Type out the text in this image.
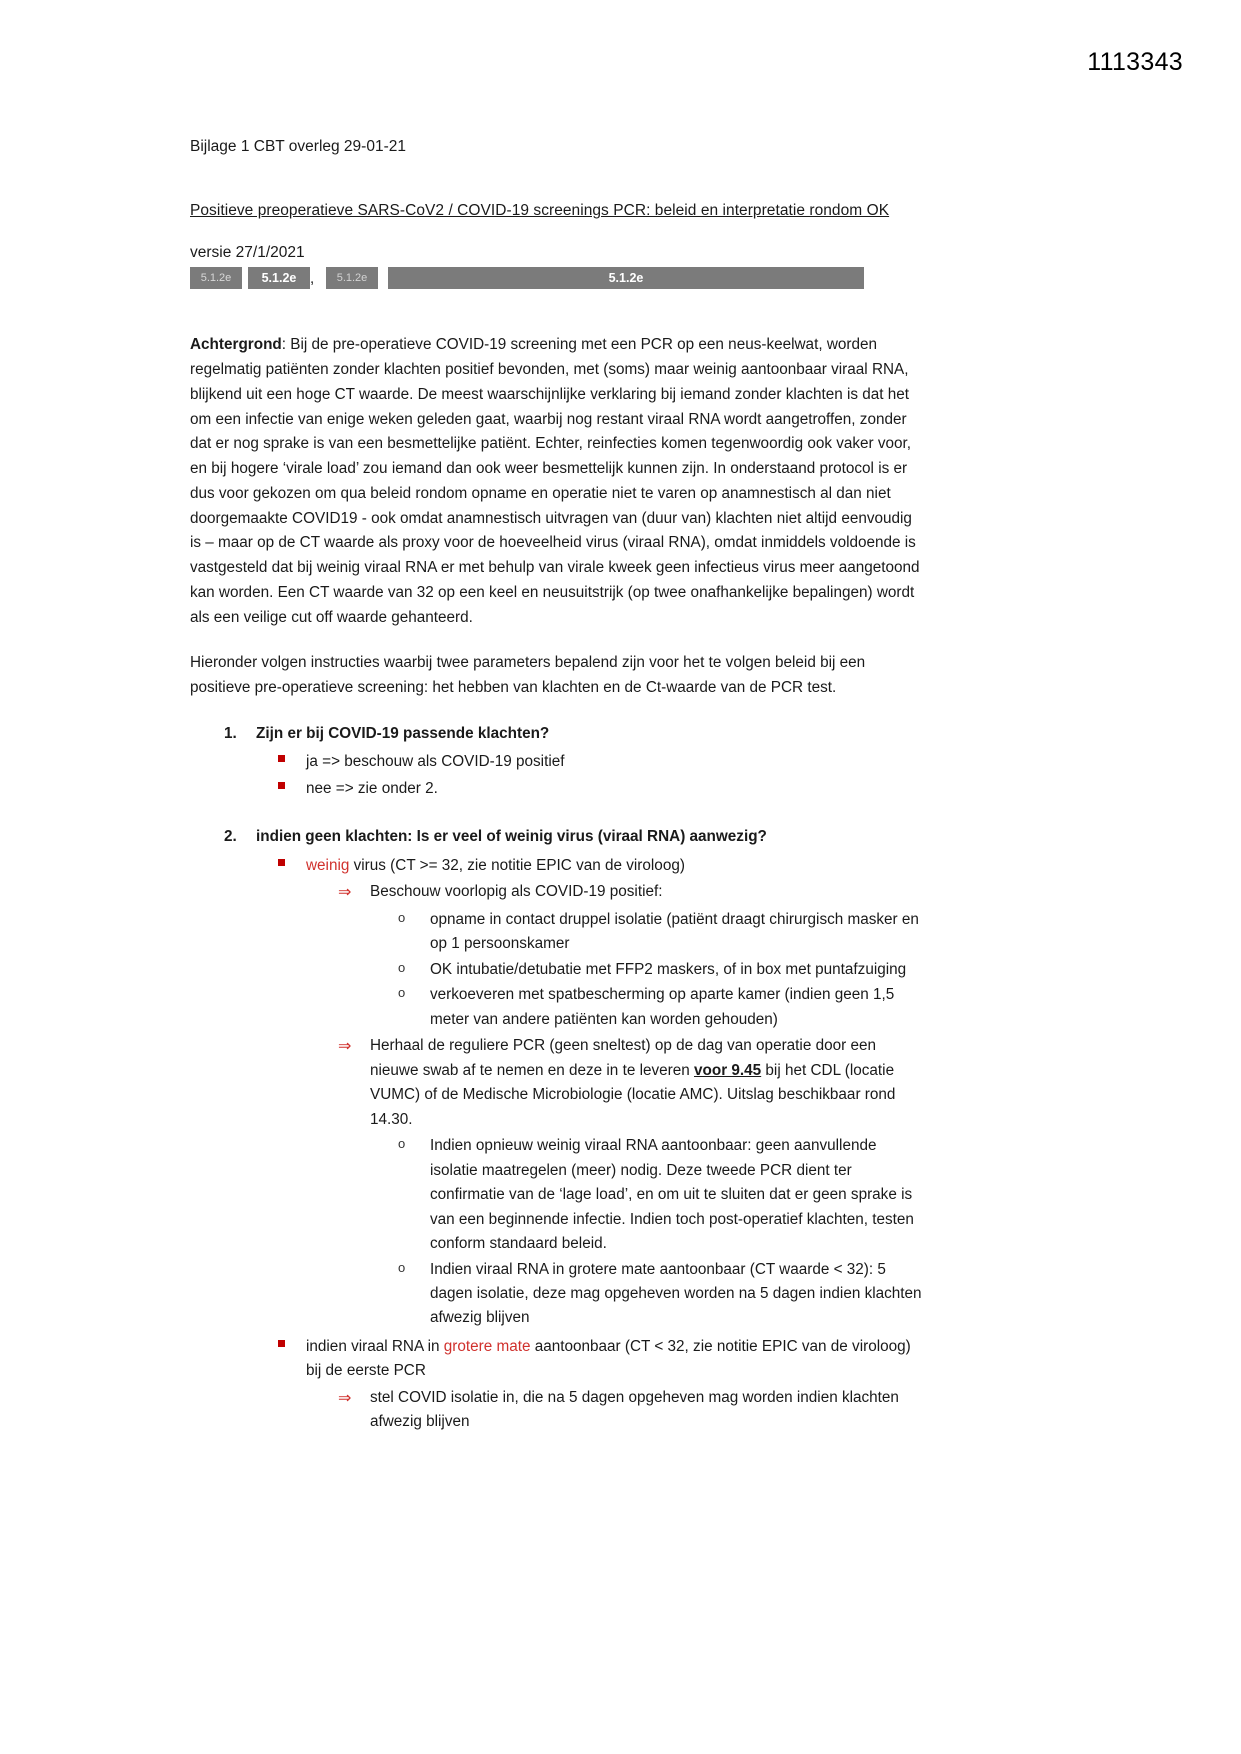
1113343
Bijlage 1 CBT overleg 29-01-21
Positieve preoperatieve SARS-CoV2 / COVID-19 screenings PCR: beleid en interpretatie rondom OK
versie 27/1/2021
5.1.2e	5.1.2e ,	5.1.2e	5.1.2e

Achtergrond: Bij de pre-operatieve COVID-19 screening met een PCR op een neus-keelwat, worden regelmatig patiënten zonder klachten positief bevonden, met (soms) maar weinig aantoonbaar viraal RNA, blijkend uit een hoge CT waarde. De meest waarschijnlijke verklaring bij iemand zonder klachten is dat het om een infectie van enige weken geleden gaat, waarbij nog restant viraal RNA wordt aangetroffen, zonder dat er nog sprake is van een besmettelijke patiënt. Echter, reinfecties komen tegenwoordig ook vaker voor, en bij hogere ‘virale load’ zou iemand dan ook weer besmettelijk kunnen zijn. In onderstaand protocol is er dus voor gekozen om qua beleid rondom opname en operatie niet te varen op anamnestisch al dan niet doorgemaakte COVID19 - ook omdat anamnestisch uitvragen van (duur van) klachten niet altijd eenvoudig is – maar op de CT waarde als proxy voor de hoeveelheid virus (viraal RNA), omdat inmiddels voldoende is vastgesteld dat bij weinig viraal RNA er met behulp van virale kweek geen infectieus virus meer aangetoond kan worden. Een CT waarde van 32 op een keel en neusuitstrijk (op twee onafhankelijke bepalingen) wordt als een veilige cut off waarde gehanteerd.

Hieronder volgen instructies waarbij twee parameters bepalend zijn voor het te volgen beleid bij een positieve pre-operatieve screening: het hebben van klachten en de Ct-waarde van de PCR test.

1.	Zijn er bij COVID-19 passende klachten?
ja => beschouw als COVID-19 positief
nee => zie onder 2.
2.	indien geen klachten: Is er veel of weinig virus (viraal RNA) aanwezig?
weinig virus (CT >= 32, zie notitie EPIC van de viroloog)
⇒	Beschouw voorlopig als COVID-19 positief:
o	opname in contact druppel isolatie (patiënt draagt chirurgisch masker en op 1 persoonskamer
o	OK intubatie/detubatie met FFP2 maskers, of in box met puntafzuiging
o	verkoeveren met spatbescherming op aparte kamer (indien geen 1,5 meter van andere patiënten kan worden gehouden)
⇒	Herhaal de reguliere PCR (geen sneltest) op de dag van operatie door een nieuwe swab af te nemen en deze in te leveren voor 9.45 bij het CDL (locatie VUMC) of de Medische Microbiologie (locatie AMC). Uitslag beschikbaar rond 14.30.
o	Indien opnieuw weinig viraal RNA aantoonbaar: geen aanvullende isolatie maatregelen (meer) nodig. Deze tweede PCR dient ter confirmatie van de ‘lage load’, en om uit te sluiten dat er geen sprake is van een beginnende infectie. Indien toch post-operatief klachten, testen conform standaard beleid.
o	Indien viraal RNA in grotere mate aantoonbaar (CT waarde < 32): 5 dagen isolatie, deze mag opgeheven worden na 5 dagen indien klachten afwezig blijven
indien viraal RNA in grotere mate aantoonbaar (CT < 32, zie notitie EPIC van de viroloog) bij de eerste PCR
⇒	stel COVID isolatie in, die na 5 dagen opgeheven mag worden indien klachten afwezig blijven
